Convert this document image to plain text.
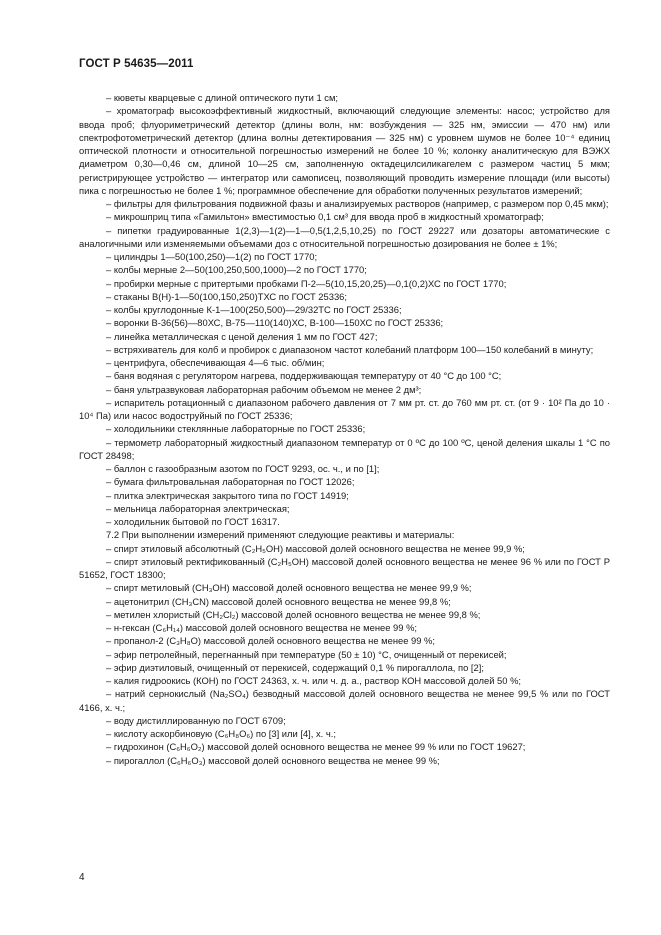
ГОСТ Р 54635—2011

– кюветы кварцевые с длиной оптического пути 1 см;

– хроматограф высокоэффективный жидкостный, включающий следующие элементы: насос; устройство для ввода проб; флуориметрический детектор (длины волн, нм: возбуждения — 325 нм, эмиссии — 470 нм) или спектрофотометрический детектор (длина волны детектирования — 325 нм) с уровнем шумов не более 10⁻⁴ единиц оптической плотности и относительной погрешностью измерений не более 10 %; колонку аналитическую для ВЭЖХ диаметром 0,30—0,46 см, длиной 10—25 см, заполненную октадецилсиликагелем с размером частиц 5 мкм; регистрирующее устройство — интегратор или самописец, позволяющий проводить измерение площади (или высоты) пика с погрешностью не более 1 %; программное обеспечение для обработки полученных результатов измерений;

– фильтры для фильтрования подвижной фазы и анализируемых растворов (например, с размером пор 0,45 мкм);

– микрошприц типа «Гамильтон» вместимостью 0,1 см³ для ввода проб в жидкостный хроматограф;

– пипетки градуированные 1(2,3)—1(2)—1—0,5(1,2,5,10,25) по ГОСТ 29227 или дозаторы автоматические с аналогичными или изменяемыми объемами доз с относительной погрешностью дозирования не более ± 1%;

– цилиндры 1—50(100,250)—1(2) по ГОСТ 1770;

– колбы мерные 2—50(100,250,500,1000)—2 по ГОСТ 1770;

– пробирки мерные с притертыми пробками П-2—5(10,15,20,25)—0,1(0,2)ХС по ГОСТ 1770;

– стаканы В(Н)-1—50(100,150,250)ТХС по ГОСТ 25336;

– колбы круглодонные К-1—100(250,500)—29/32ТС по ГОСТ 25336;

– воронки В-36(56)—80ХС, В-75—110(140)ХС, В-100—150ХС по ГОСТ 25336;

– линейка металлическая с ценой деления 1 мм по ГОСТ 427;

– встряхиватель для колб и пробирок с диапазоном частот колебаний платформ 100—150 колебаний в минуту;

– центрифуга, обеспечивающая 4—6 тыс. об/мин;

– баня водяная с регулятором нагрева, поддерживающая температуру от 40 °С до 100 °С;

– баня ультразвуковая лабораторная рабочим объемом не менее 2 дм³;

– испаритель ротационный с диапазоном рабочего давления от 7 мм рт. ст. до 760 мм рт. ст. (от 9 · 10² Па до 10 · 10⁴ Па) или насос водоструйный по ГОСТ 25336;

– холодильники стеклянные лабораторные по ГОСТ 25336;

– термометр лабораторный жидкостный диапазоном температур от 0 ºС до 100 ºС, ценой деления шкалы 1 °С по ГОСТ 28498;

– баллон с газообразным азотом по ГОСТ 9293, ос. ч., и по [1];

– бумага фильтровальная лабораторная по ГОСТ 12026;

– плитка электрическая закрытого типа по ГОСТ 14919;

– мельница лабораторная электрическая;

– холодильник бытовой по ГОСТ 16317.

7.2 При выполнении измерений применяют следующие реактивы и материалы:

– спирт этиловый абсолютный (C₂H₅OH) массовой долей основного вещества не менее 99,9 %;

– спирт этиловый ректификованный (C₂H₅OH) массовой долей основного вещества не менее 96 % или по ГОСТ Р 51652, ГОСТ 18300;

– спирт метиловый (CH₃OH) массовой долей основного вещества не менее 99,9 %;

– ацетонитрил (CH₃CN) массовой долей основного вещества не менее 99,8 %;

– метилен хлористый (CH₂Cl₂) массовой долей основного вещества не менее 99,8 %;

– н-гексан (C₆H₁₄) массовой долей основного вещества не менее 99 %;

– пропанол-2 (C₃H₈O) массовой долей основного вещества не менее 99 %;

– эфир петролейный, перегнанный при температуре (50 ± 10) °С, очищенный от перекисей;

– эфир диэтиловый, очищенный от перекисей, содержащий 0,1 % пирогаллола, по [2];

– калия гидроокись (КОН) по ГОСТ 24363, х. ч. или ч. д. а., раствор КОН массовой долей 50 %;

– натрий сернокислый (Na₂SO₄) безводный массовой долей основного вещества не менее 99,5 % или по ГОСТ 4166, х. ч.;

– воду дистиллированную по ГОСТ 6709;

– кислоту аскорбиновую (C₆H₈O₆) по [3] или [4], х. ч.;

– гидрохинон (C₆H₆O₂) массовой долей основного вещества не менее 99 % или по ГОСТ 19627;

– пирогаллол (C₆H₆O₃) массовой долей основного вещества не менее 99 %;

4
